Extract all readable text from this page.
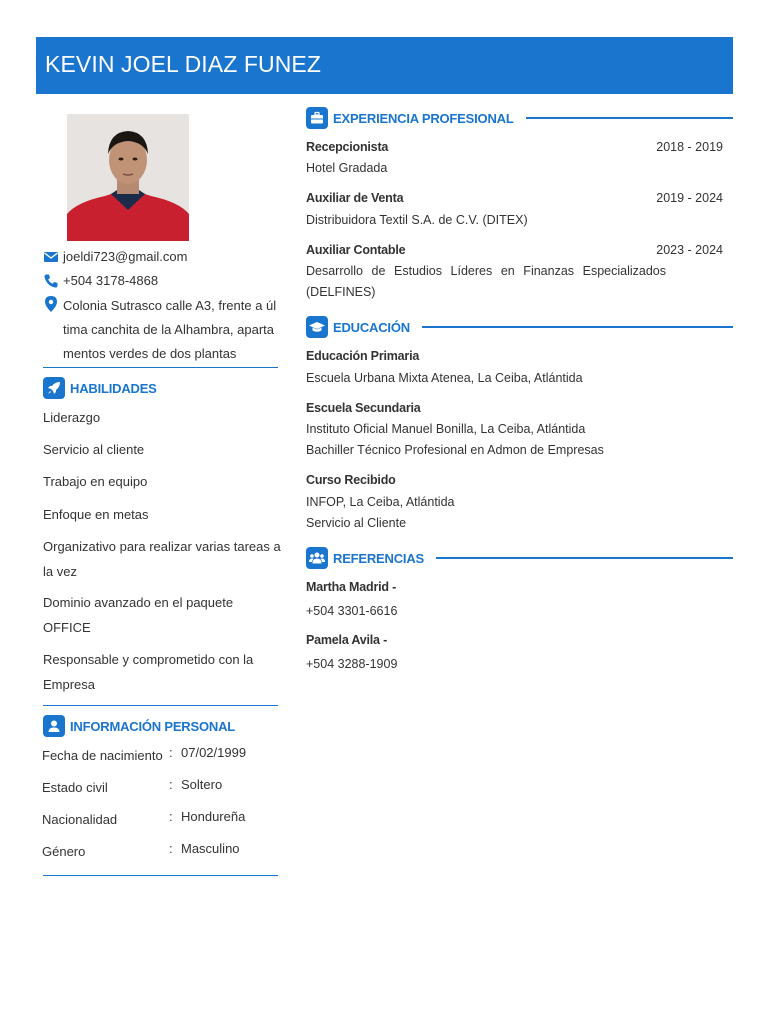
KEVIN JOEL DIAZ FUNEZ
joeldi723@gmail.com
+504 3178-4868
Colonia Sutrasco calle A3, frente a úl tima canchita de la Alhambra, aparta mentos verdes de dos plantas
HABILIDADES
Liderazgo
Servicio al cliente
Trabajo en equipo
Enfoque en metas
Organizativo para realizar varias tareas a la vez
Dominio avanzado en el paquete OFFICE
Responsable y comprometido con la Empresa
INFORMACIÓN PERSONAL
Fecha de nacimiento : 07/02/1999
Estado civil	: Soltero
Nacionalidad	: Hondureña
Género	: Masculino
EXPERIENCIA PROFESIONAL
Recepcionista	2018 - 2019
Hotel Gradada
Auxiliar de Venta	2019 - 2024
Distribuidora Textil S.A. de C.V. (DITEX)
Auxiliar Contable	2023 - 2024
Desarrollo de Estudios Líderes en Finanzas Especializados (DELFINES)
EDUCACIÓN
Educación Primaria
Escuela Urbana Mixta Atenea, La Ceiba, Atlántida
Escuela Secundaria
Instituto Oficial Manuel Bonilla, La Ceiba, Atlántida
Bachiller Técnico Profesional en Admon de Empresas
Curso Recibido
INFOP, La Ceiba, Atlántida
Servicio al Cliente
REFERENCIAS
Martha Madrid -
+504 3301-6616
Pamela Avila -
+504 3288-1909
